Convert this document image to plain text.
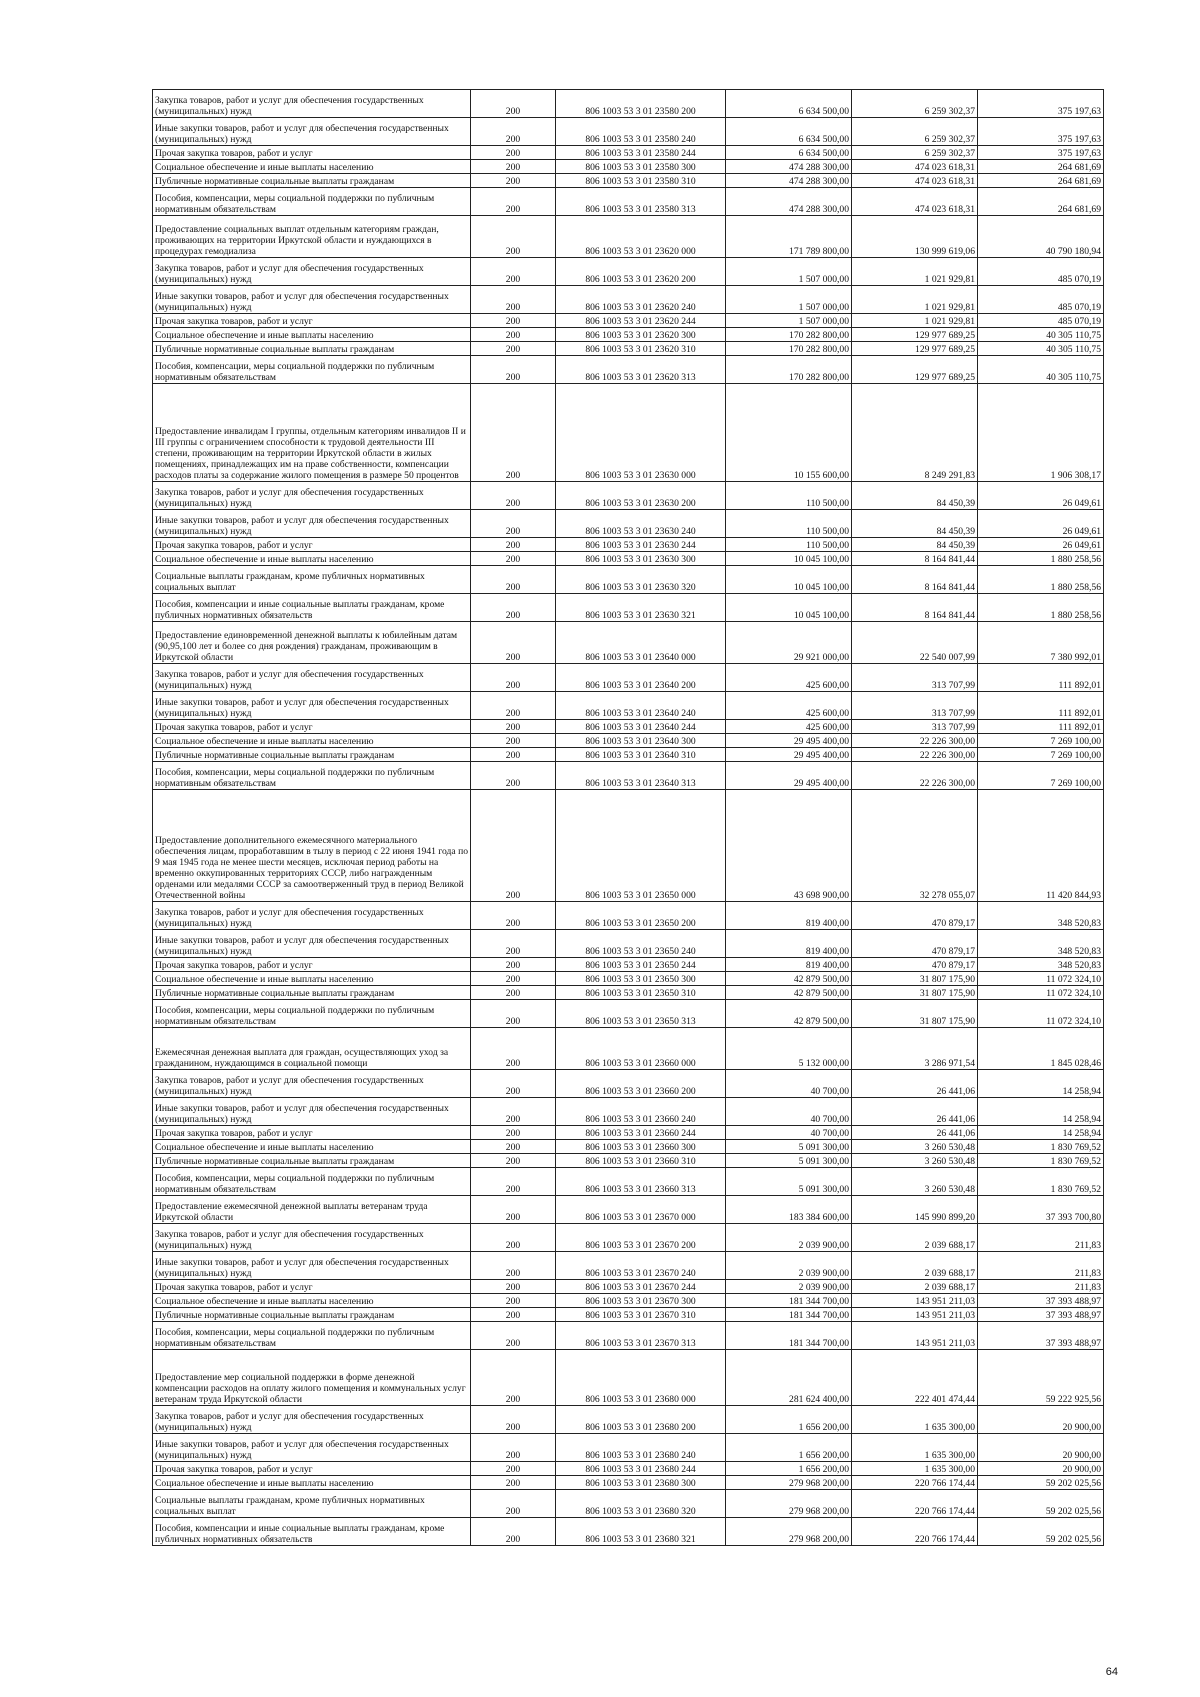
Закупка товаров, работ и услуг для обеспечения государственных (муниципальных) нужд	200	806 1003 53 3 01 23580 200	6 634 500,00	6 259 302,37	375 197,63
Иные закупки товаров, работ и услуг для обеспечения государственных (муниципальных) нужд	200	806 1003 53 3 01 23580 240	6 634 500,00	6 259 302,37	375 197,63
Прочая закупка товаров, работ и услуг	200	806 1003 53 3 01 23580 244	6 634 500,00	6 259 302,37	375 197,63
Социальное обеспечение и иные выплаты населению	200	806 1003 53 3 01 23580 300	474 288 300,00	474 023 618,31	264 681,69
Публичные нормативные социальные выплаты гражданам	200	806 1003 53 3 01 23580 310	474 288 300,00	474 023 618,31	264 681,69
Пособия, компенсации, меры социальной поддержки по публичным нормативным обязательствам	200	806 1003 53 3 01 23580 313	474 288 300,00	474 023 618,31	264 681,69
Предоставление социальных выплат отдельным категориям граждан, проживающих на территории Иркутской области и нуждающихся в процедурах гемодиализа	200	806 1003 53 3 01 23620 000	171 789 800,00	130 999 619,06	40 790 180,94
Закупка товаров, работ и услуг для обеспечения государственных (муниципальных) нужд	200	806 1003 53 3 01 23620 200	1 507 000,00	1 021 929,81	485 070,19
Иные закупки товаров, работ и услуг для обеспечения государственных (муниципальных) нужд	200	806 1003 53 3 01 23620 240	1 507 000,00	1 021 929,81	485 070,19
Прочая закупка товаров, работ и услуг	200	806 1003 53 3 01 23620 244	1 507 000,00	1 021 929,81	485 070,19
Социальное обеспечение и иные выплаты населению	200	806 1003 53 3 01 23620 300	170 282 800,00	129 977 689,25	40 305 110,75
Публичные нормативные социальные выплаты гражданам	200	806 1003 53 3 01 23620 310	170 282 800,00	129 977 689,25	40 305 110,75
Пособия, компенсации, меры социальной поддержки по публичным нормативным обязательствам	200	806 1003 53 3 01 23620 313	170 282 800,00	129 977 689,25	40 305 110,75
Предоставление инвалидам I группы, отдельным категориям инвалидов II и III группы с ограничением способности к трудовой деятельности III степени, проживающим на территории Иркутской области в жилых помещениях, принадлежащих им на праве собственности, компенсации расходов платы за содержание жилого помещения в размере 50 процентов	200	806 1003 53 3 01 23630 000	10 155 600,00	8 249 291,83	1 906 308,17
Закупка товаров, работ и услуг для обеспечения государственных (муниципальных) нужд	200	806 1003 53 3 01 23630 200	110 500,00	84 450,39	26 049,61
Иные закупки товаров, работ и услуг для обеспечения государственных (муниципальных) нужд	200	806 1003 53 3 01 23630 240	110 500,00	84 450,39	26 049,61
Прочая закупка товаров, работ и услуг	200	806 1003 53 3 01 23630 244	110 500,00	84 450,39	26 049,61
Социальное обеспечение и иные выплаты населению	200	806 1003 53 3 01 23630 300	10 045 100,00	8 164 841,44	1 880 258,56
Социальные выплаты гражданам, кроме публичных нормативных социальных выплат	200	806 1003 53 3 01 23630 320	10 045 100,00	8 164 841,44	1 880 258,56
Пособия, компенсации и иные социальные выплаты гражданам, кроме публичных нормативных обязательств	200	806 1003 53 3 01 23630 321	10 045 100,00	8 164 841,44	1 880 258,56
Предоставление единовременной денежной выплаты к юбилейным датам (90,95,100 лет и более со дня рождения) гражданам, проживающим в Иркутской области	200	806 1003 53 3 01 23640 000	29 921 000,00	22 540 007,99	7 380 992,01
Закупка товаров, работ и услуг для обеспечения государственных (муниципальных) нужд	200	806 1003 53 3 01 23640 200	425 600,00	313 707,99	111 892,01
Иные закупки товаров, работ и услуг для обеспечения государственных (муниципальных) нужд	200	806 1003 53 3 01 23640 240	425 600,00	313 707,99	111 892,01
Прочая закупка товаров, работ и услуг	200	806 1003 53 3 01 23640 244	425 600,00	313 707,99	111 892,01
Социальное обеспечение и иные выплаты населению	200	806 1003 53 3 01 23640 300	29 495 400,00	22 226 300,00	7 269 100,00
Публичные нормативные социальные выплаты гражданам	200	806 1003 53 3 01 23640 310	29 495 400,00	22 226 300,00	7 269 100,00
Пособия, компенсации, меры социальной поддержки по публичным нормативным обязательствам	200	806 1003 53 3 01 23640 313	29 495 400,00	22 226 300,00	7 269 100,00
Предоставление дополнительного ежемесячного материального обеспечения лицам, проработавшим в тылу в период с 22 июня 1941 года по 9 мая 1945 года не менее шести месяцев, исключая период работы на временно оккупированных территориях СССР, либо награжденным орденами или медалями СССР за самоотверженный труд в период Великой Отечественной войны	200	806 1003 53 3 01 23650 000	43 698 900,00	32 278 055,07	11 420 844,93
Закупка товаров, работ и услуг для обеспечения государственных (муниципальных) нужд	200	806 1003 53 3 01 23650 200	819 400,00	470 879,17	348 520,83
Иные закупки товаров, работ и услуг для обеспечения государственных (муниципальных) нужд	200	806 1003 53 3 01 23650 240	819 400,00	470 879,17	348 520,83
Прочая закупка товаров, работ и услуг	200	806 1003 53 3 01 23650 244	819 400,00	470 879,17	348 520,83
Социальное обеспечение и иные выплаты населению	200	806 1003 53 3 01 23650 300	42 879 500,00	31 807 175,90	11 072 324,10
Публичные нормативные социальные выплаты гражданам	200	806 1003 53 3 01 23650 310	42 879 500,00	31 807 175,90	11 072 324,10
Пособия, компенсации, меры социальной поддержки по публичным нормативным обязательствам	200	806 1003 53 3 01 23650 313	42 879 500,00	31 807 175,90	11 072 324,10
Ежемесячная денежная выплата для граждан, осуществляющих уход за гражданином, нуждающимся в социальной помощи	200	806 1003 53 3 01 23660 000	5 132 000,00	3 286 971,54	1 845 028,46
Закупка товаров, работ и услуг для обеспечения государственных (муниципальных) нужд	200	806 1003 53 3 01 23660 200	40 700,00	26 441,06	14 258,94
Иные закупки товаров, работ и услуг для обеспечения государственных (муниципальных) нужд	200	806 1003 53 3 01 23660 240	40 700,00	26 441,06	14 258,94
Прочая закупка товаров, работ и услуг	200	806 1003 53 3 01 23660 244	40 700,00	26 441,06	14 258,94
Социальное обеспечение и иные выплаты населению	200	806 1003 53 3 01 23660 300	5 091 300,00	3 260 530,48	1 830 769,52
Публичные нормативные социальные выплаты гражданам	200	806 1003 53 3 01 23660 310	5 091 300,00	3 260 530,48	1 830 769,52
Пособия, компенсации, меры социальной поддержки по публичным нормативным обязательствам	200	806 1003 53 3 01 23660 313	5 091 300,00	3 260 530,48	1 830 769,52
Предоставление ежемесячной денежной выплаты ветеранам труда Иркутской области	200	806 1003 53 3 01 23670 000	183 384 600,00	145 990 899,20	37 393 700,80
Закупка товаров, работ и услуг для обеспечения государственных (муниципальных) нужд	200	806 1003 53 3 01 23670 200	2 039 900,00	2 039 688,17	211,83
Иные закупки товаров, работ и услуг для обеспечения государственных (муниципальных) нужд	200	806 1003 53 3 01 23670 240	2 039 900,00	2 039 688,17	211,83
Прочая закупка товаров, работ и услуг	200	806 1003 53 3 01 23670 244	2 039 900,00	2 039 688,17	211,83
Социальное обеспечение и иные выплаты населению	200	806 1003 53 3 01 23670 300	181 344 700,00	143 951 211,03	37 393 488,97
Публичные нормативные социальные выплаты гражданам	200	806 1003 53 3 01 23670 310	181 344 700,00	143 951 211,03	37 393 488,97
Пособия, компенсации, меры социальной поддержки по публичным нормативным обязательствам	200	806 1003 53 3 01 23670 313	181 344 700,00	143 951 211,03	37 393 488,97
Предоставление мер социальной поддержки в форме денежной компенсации расходов на оплату жилого помещения и коммунальных услуг ветеранам труда Иркутской области	200	806 1003 53 3 01 23680 000	281 624 400,00	222 401 474,44	59 222 925,56
Закупка товаров, работ и услуг для обеспечения государственных (муниципальных) нужд	200	806 1003 53 3 01 23680 200	1 656 200,00	1 635 300,00	20 900,00
Иные закупки товаров, работ и услуг для обеспечения государственных (муниципальных) нужд	200	806 1003 53 3 01 23680 240	1 656 200,00	1 635 300,00	20 900,00
Прочая закупка товаров, работ и услуг	200	806 1003 53 3 01 23680 244	1 656 200,00	1 635 300,00	20 900,00
Социальное обеспечение и иные выплаты населению	200	806 1003 53 3 01 23680 300	279 968 200,00	220 766 174,44	59 202 025,56
Социальные выплаты гражданам, кроме публичных нормативных социальных выплат	200	806 1003 53 3 01 23680 320	279 968 200,00	220 766 174,44	59 202 025,56
Пособия, компенсации и иные социальные выплаты гражданам, кроме публичных нормативных обязательств	200	806 1003 53 3 01 23680 321	279 968 200,00	220 766 174,44	59 202 025,56
64
